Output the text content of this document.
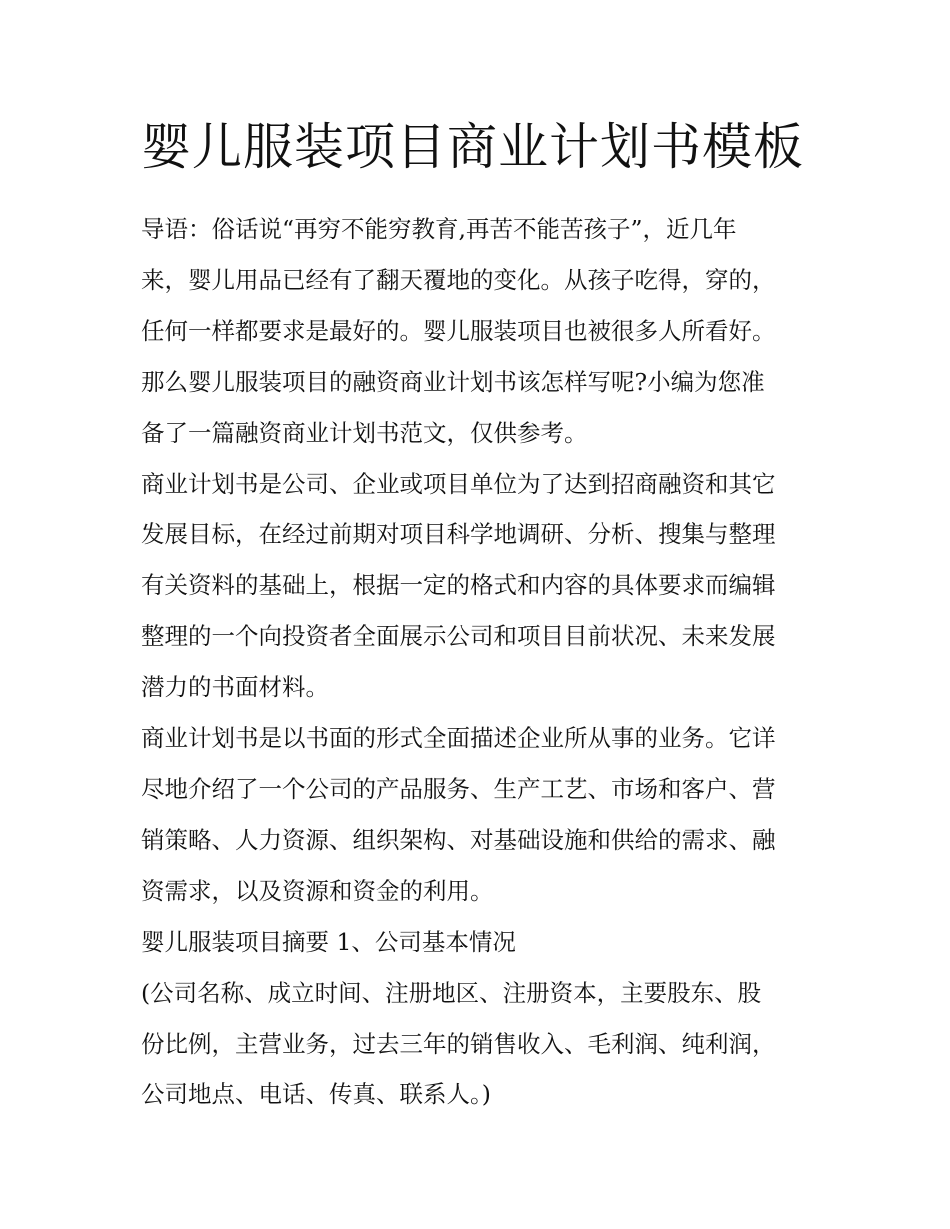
婴儿服装项目商业计划书模板
导语：俗话说“再穷不能穷教育,再苦不能苦孩子”，近几年
来，婴儿用品已经有了翻天覆地的变化。从孩子吃得，穿的，
任何一样都要求是最好的。婴儿服装项目也被很多人所看好。
那么婴儿服装项目的融资商业计划书该怎样写呢?小编为您准
备了一篇融资商业计划书范文，仅供参考。
商业计划书是公司、企业或项目单位为了达到招商融资和其它
发展目标，在经过前期对项目科学地调研、分析、搜集与整理
有关资料的基础上，根据一定的格式和内容的具体要求而编辑
整理的一个向投资者全面展示公司和项目目前状况、未来发展
潜力的书面材料。
商业计划书是以书面的形式全面描述企业所从事的业务。它详
尽地介绍了一个公司的产品服务、生产工艺、市场和客户、营
销策略、人力资源、组织架构、对基础设施和供给的需求、融
资需求，以及资源和资金的利用。
婴儿服装项目摘要 1、公司基本情况
(公司名称、成立时间、注册地区、注册资本，主要股东、股
份比例，主营业务，过去三年的销售收入、毛利润、纯利润，
公司地点、电话、传真、联系人。)
